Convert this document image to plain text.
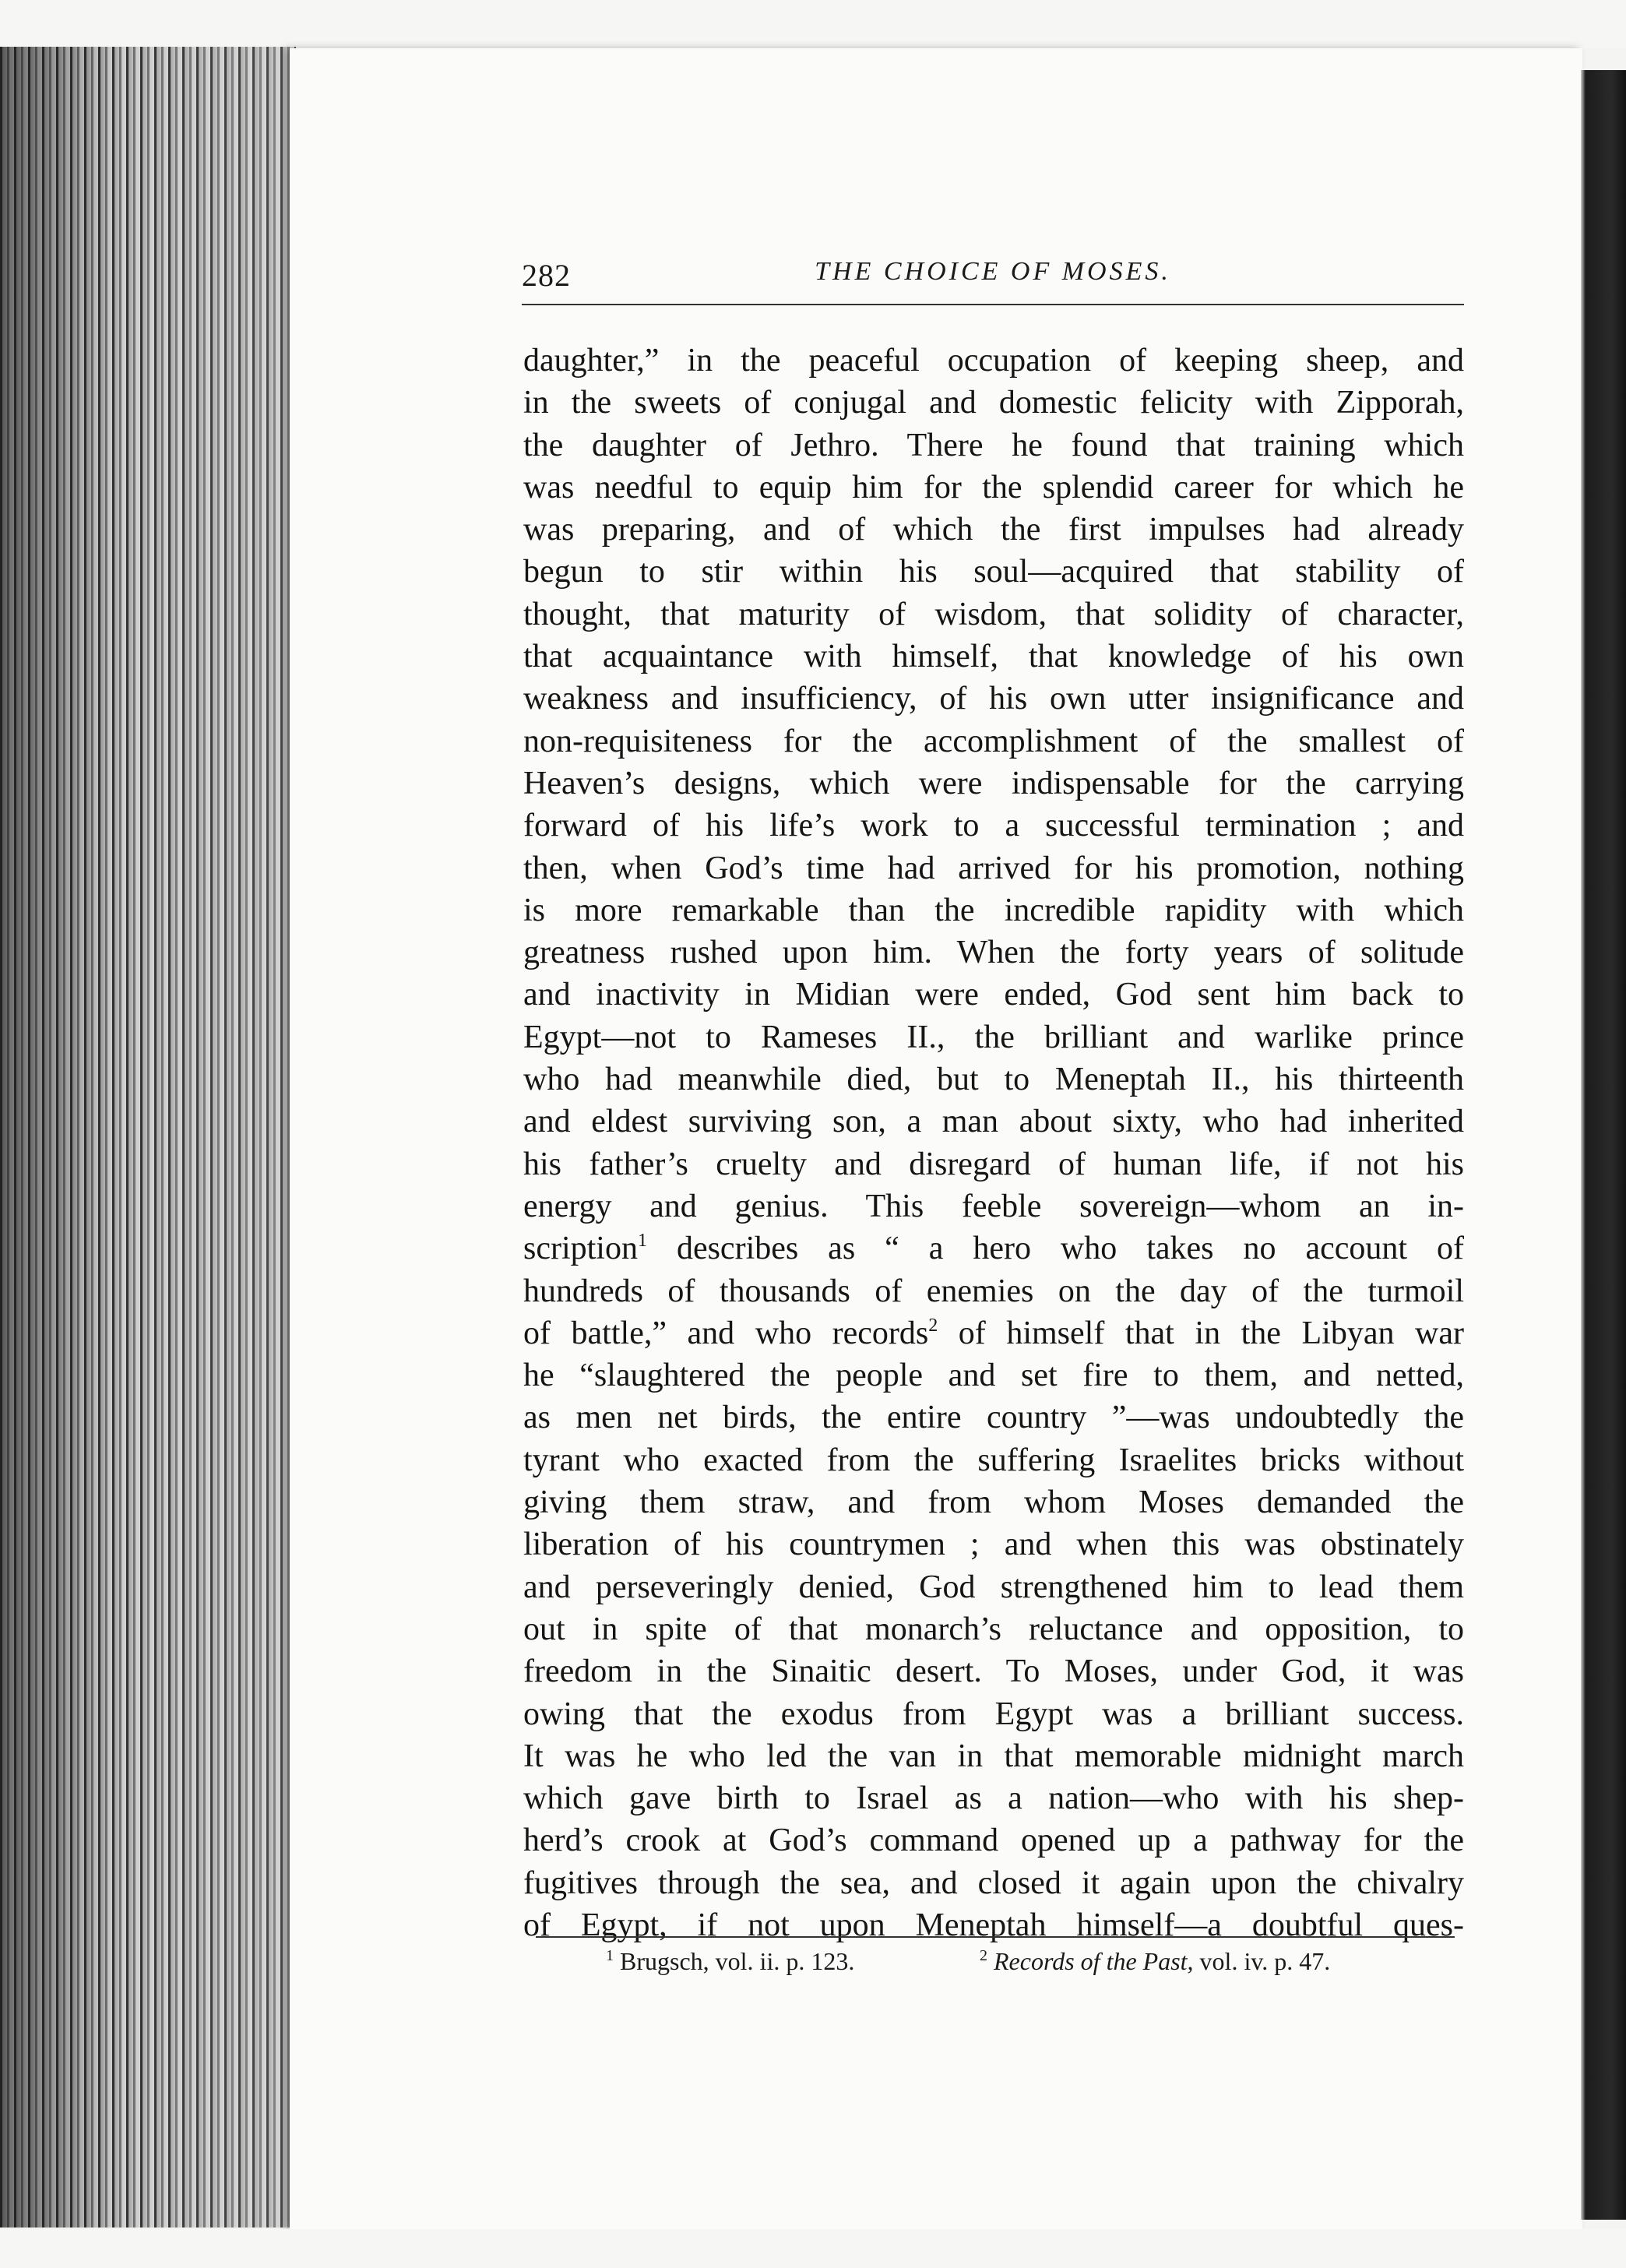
282	THE CHOICE OF MOSES.
daughter,” in the peaceful occupation of keeping sheep, and
in the sweets of conjugal and domestic felicity with Zipporah,
the daughter of Jethro. There he found that training which
was needful to equip him for the splendid career for which he
was preparing, and of which the first impulses had already
begun to stir within his soul—acquired that stability of
thought, that maturity of wisdom, that solidity of character,
that acquaintance with himself, that knowledge of his own
weakness and insufficiency, of his own utter insignificance and
non-requisiteness for the accomplishment of the smallest of
Heaven’s designs, which were indispensable for the carrying
forward of his life’s work to a successful termination ; and
then, when God’s time had arrived for his promotion, nothing
is more remarkable than the incredible rapidity with which
greatness rushed upon him. When the forty years of solitude
and inactivity in Midian were ended, God sent him back to
Egypt—not to Rameses II., the brilliant and warlike prince
who had meanwhile died, but to Meneptah II., his thirteenth
and eldest surviving son, a man about sixty, who had inherited
his father’s cruelty and disregard of human life, if not his
energy and genius. This feeble sovereign—whom an in-
scription$^1$ describes as “ a hero who takes no account of
hundreds of thousands of enemies on the day of the turmoil
of battle,” and who records$^2$ of himself that in the Libyan war
he “slaughtered the people and set fire to them, and netted,
as men net birds, the entire country ”—was undoubtedly the
tyrant who exacted from the suffering Israelites bricks without
giving them straw, and from whom Moses demanded the
liberation of his countrymen ; and when this was obstinately
and perseveringly denied, God strengthened him to lead them
out in spite of that monarch’s reluctance and opposition, to
freedom in the Sinaitic desert. To Moses, under God, it was
owing that the exodus from Egypt was a brilliant success.
It was he who led the van in that memorable midnight march
which gave birth to Israel as a nation—who with his shep-
herd’s crook at God’s command opened up a pathway for the
fugitives through the sea, and closed it again upon the chivalry
of Egypt, if not upon Meneptah himself—a doubtful ques-
$^1$ Brugsch, vol. ii. p. 123.	$^2$ Records of the Past, vol. iv. p. 47.
